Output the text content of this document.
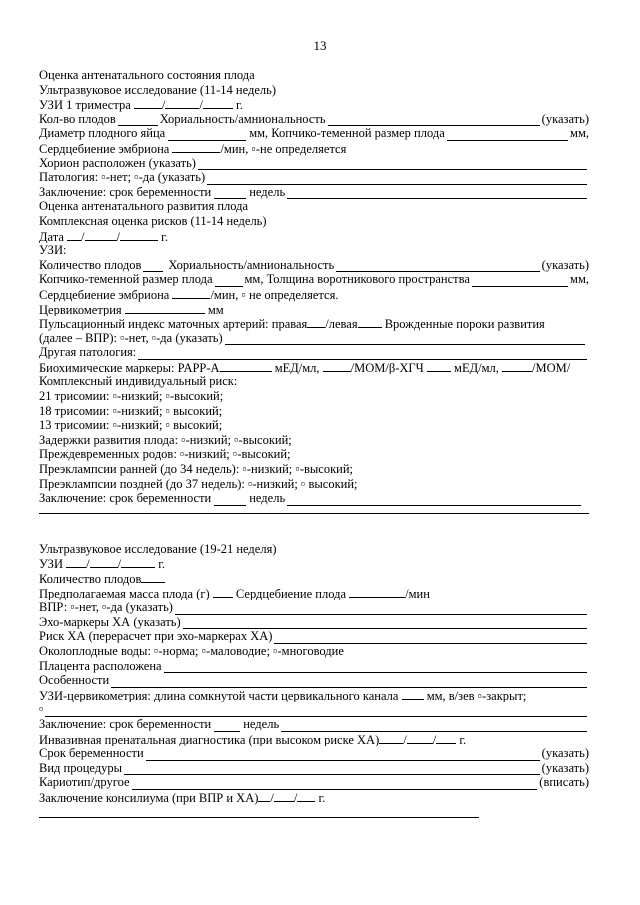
13
Оценка антенатального состояния плода
Ультразвуковое исследование (11-14 недель)
УЗИ 1 триместра /	/	г.
Кол-во плодов	Хориальность/амниональность	(указать)
Диаметр плодного яйца	мм, Копчико-теменной размер плода	мм,
Сердцебиение эмбриона	/мин, ▫-не определяется
Хорион расположен (указать)
Патология: ▫-нет; ▫-да (указать)
Заключение: срок беременности	недель
Оценка антенатального развития плода
Комплексная оценка рисков (11-14 недель)
Дата /	/	г.
УЗИ:
Количество плодов Хориальность/амниональность	(указать)
Копчико-теменной размер плода	мм, Толщина воротникового пространства	мм,
Сердцебиение эмбриона	/мин, ▫ не определяется.
Цервикометрия	мм
Пульсационный индекс маточных артерий: правая /левая Врожденные пороки развития
(далее – ВПР): ▫-нет, ▫-да (указать)
Другая патология:
Биохимические маркеры: PAPP-A	мЕД/мл, /МОМ/β-ХГЧ мЕД/мл,	/МОМ/
Комплексный индивидуальный риск:
21 трисомии: ▫-низкий; ▫-высокий;
18 трисомии: ▫-низкий; ▫ высокий;
13 трисомии: ▫-низкий; ▫ высокий;
Задержки развития плода: ▫-низкий; ▫-высокий;
Преждевременных родов: ▫-низкий; ▫-высокий;
Преэклампсии ранней (до 34 недель): ▫-низкий; ▫-высокий;
Преэклампсии поздней (до 37 недель): ▫-низкий; ▫ высокий;
Заключение: срок беременности	недель
Ультразвуковое исследование (19-21 неделя)
УЗИ / /	г.
Количество плодов
Предполагаемая масса плода (г) Сердцебиение плода	/мин
ВПР: ▫-нет, ▫-да (указать)
Эхо-маркеры ХА (указать)
Риск ХА (перерасчет при эхо-маркерах ХА)
Околоплодные воды: ▫-норма; ▫-маловодие; ▫-многоводие
Плацента расположена
Особенности
УЗИ-цервикометрия: длина сомкнутой части цервикального канала мм, в/зев ▫-закрыт;
▫
Заключение: срок беременности	недель
Инвазивная пренатальная диагностика (при высоком риске ХА) / / г.
Срок беременности	(указать)
Вид процедуры	(указать)
Кариотип/другое	(вписать)
Заключение консилиума (при ВПР и ХА) / / г.
